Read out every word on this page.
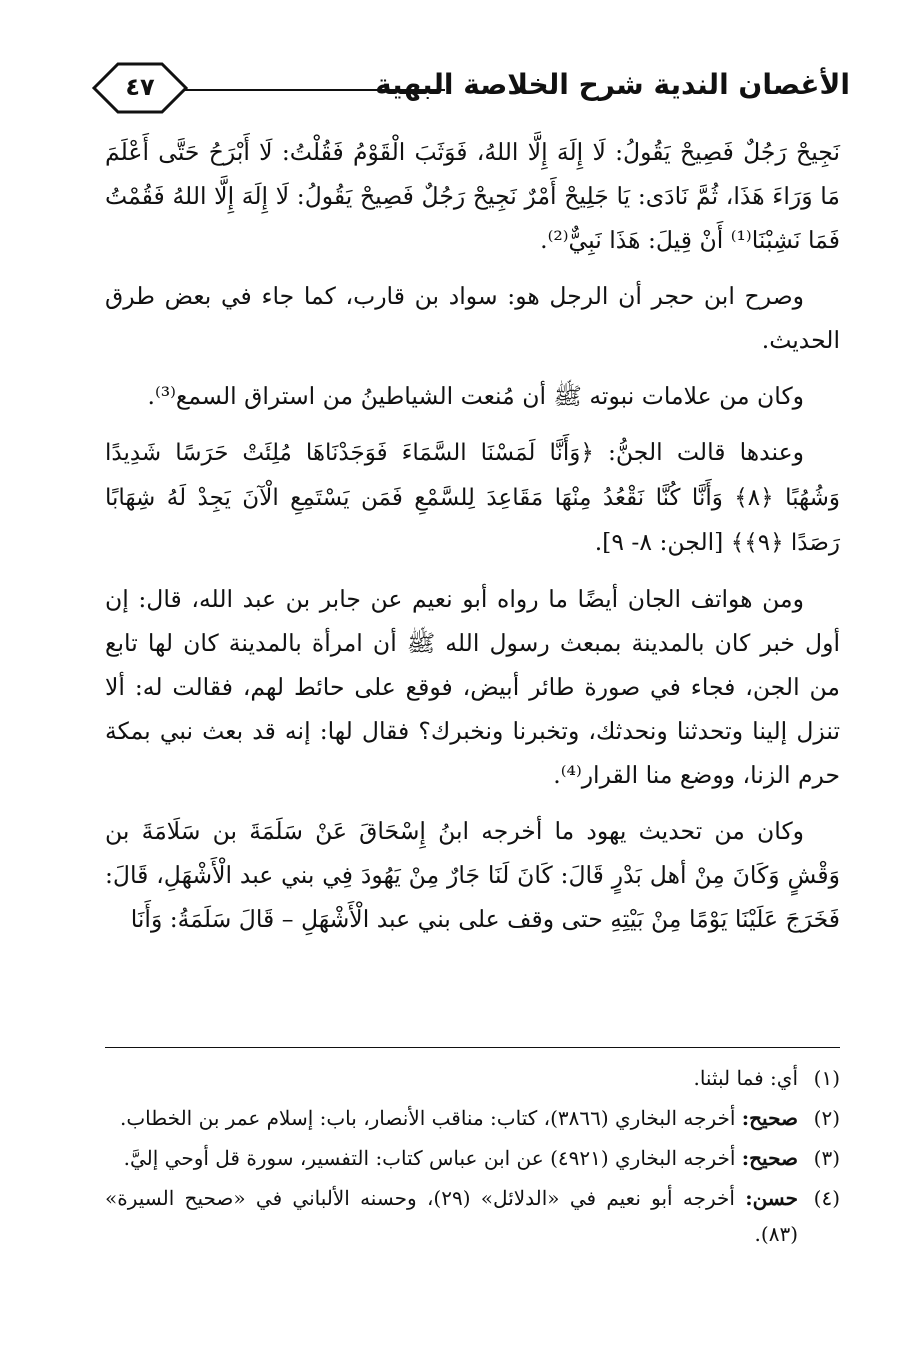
٤٧	الأغصان الندية شرح الخلاصة البهية

نَجِيحْ رَجُلٌ فَصِيحْ يَقُولُ: لَا إِلَهَ إِلَّا اللهُ، فَوَثَبَ الْقَوْمُ فَقُلْتُ: لَا أَبْرَحُ حَتَّى أَعْلَمَ مَا وَرَاءَ هَذَا، ثُمَّ نَادَى: يَا جَلِيحْ أَمْرٌ نَجِيحْ رَجُلٌ فَصِيحْ يَقُولُ: لَا إِلَهَ إِلَّا اللهُ فَقُمْتُ فَمَا نَشِبْنَا⁽¹⁾ أَنْ قِيلَ: هَذَا نَبِيٌّ⁽²⁾.

وصرح ابن حجر أن الرجل هو: سواد بن قارب، كما جاء في بعض طرق الحديث.

وكان من علامات نبوته ﷺ أن مُنعت الشياطينُ من استراق السمع⁽³⁾.

وعندها قالت الجنُّ: ﴿وَأَنَّا لَمَسْنَا السَّمَاءَ فَوَجَدْنَاهَا مُلِئَتْ حَرَسًا شَدِيدًا وَشُهُبًا ﴿٨﴾ وَأَنَّا كُنَّا نَقْعُدُ مِنْهَا مَقَاعِدَ لِلسَّمْعِ فَمَن يَسْتَمِعِ الْآنَ يَجِدْ لَهُ شِهَابًا رَصَدًا ﴿٩﴾﴾ [الجن: ٨- ٩].

ومن هواتف الجان أيضًا ما رواه أبو نعيم عن جابر بن عبد الله، قال: إن أول خبر كان بالمدينة بمبعث رسول الله ﷺ أن امرأة بالمدينة كان لها تابع من الجن، فجاء في صورة طائر أبيض، فوقع على حائط لهم، فقالت له: ألا تنزل إلينا وتحدثنا ونحدثك، وتخبرنا ونخبرك؟ فقال لها: إنه قد بعث نبي بمكة حرم الزنا، ووضع منا القرار⁽⁴⁾.

وكان من تحديث يهود ما أخرجه ابنُ إِسْحَاقَ عَنْ سَلَمَةَ بن سَلَامَةَ بن وَقْشٍ وَكَانَ مِنْ أهل بَدْرٍ قَالَ: كَانَ لَنَا جَارٌ مِنْ يَهُودَ فِي بني عبد الْأَشْهَلِ، قَالَ: فَخَرَجَ عَلَيْنَا يَوْمًا مِنْ بَيْتِهِ حتى وقف على بني عبد الْأَشْهَلِ – قَالَ سَلَمَةُ: وَأَنَا

(١)أي: فما لبثنا.
(٢)صحيح: أخرجه البخاري (٣٨٦٦)، كتاب: مناقب الأنصار، باب: إسلام عمر بن الخطاب.
(٣)صحيح: أخرجه البخاري (٤٩٢١) عن ابن عباس كتاب: التفسير، سورة قل أوحي إليَّ.
(٤)حسن: أخرجه أبو نعيم في «الدلائل» (٢٩)، وحسنه الألباني في «صحيح السيرة» (٨٣).
